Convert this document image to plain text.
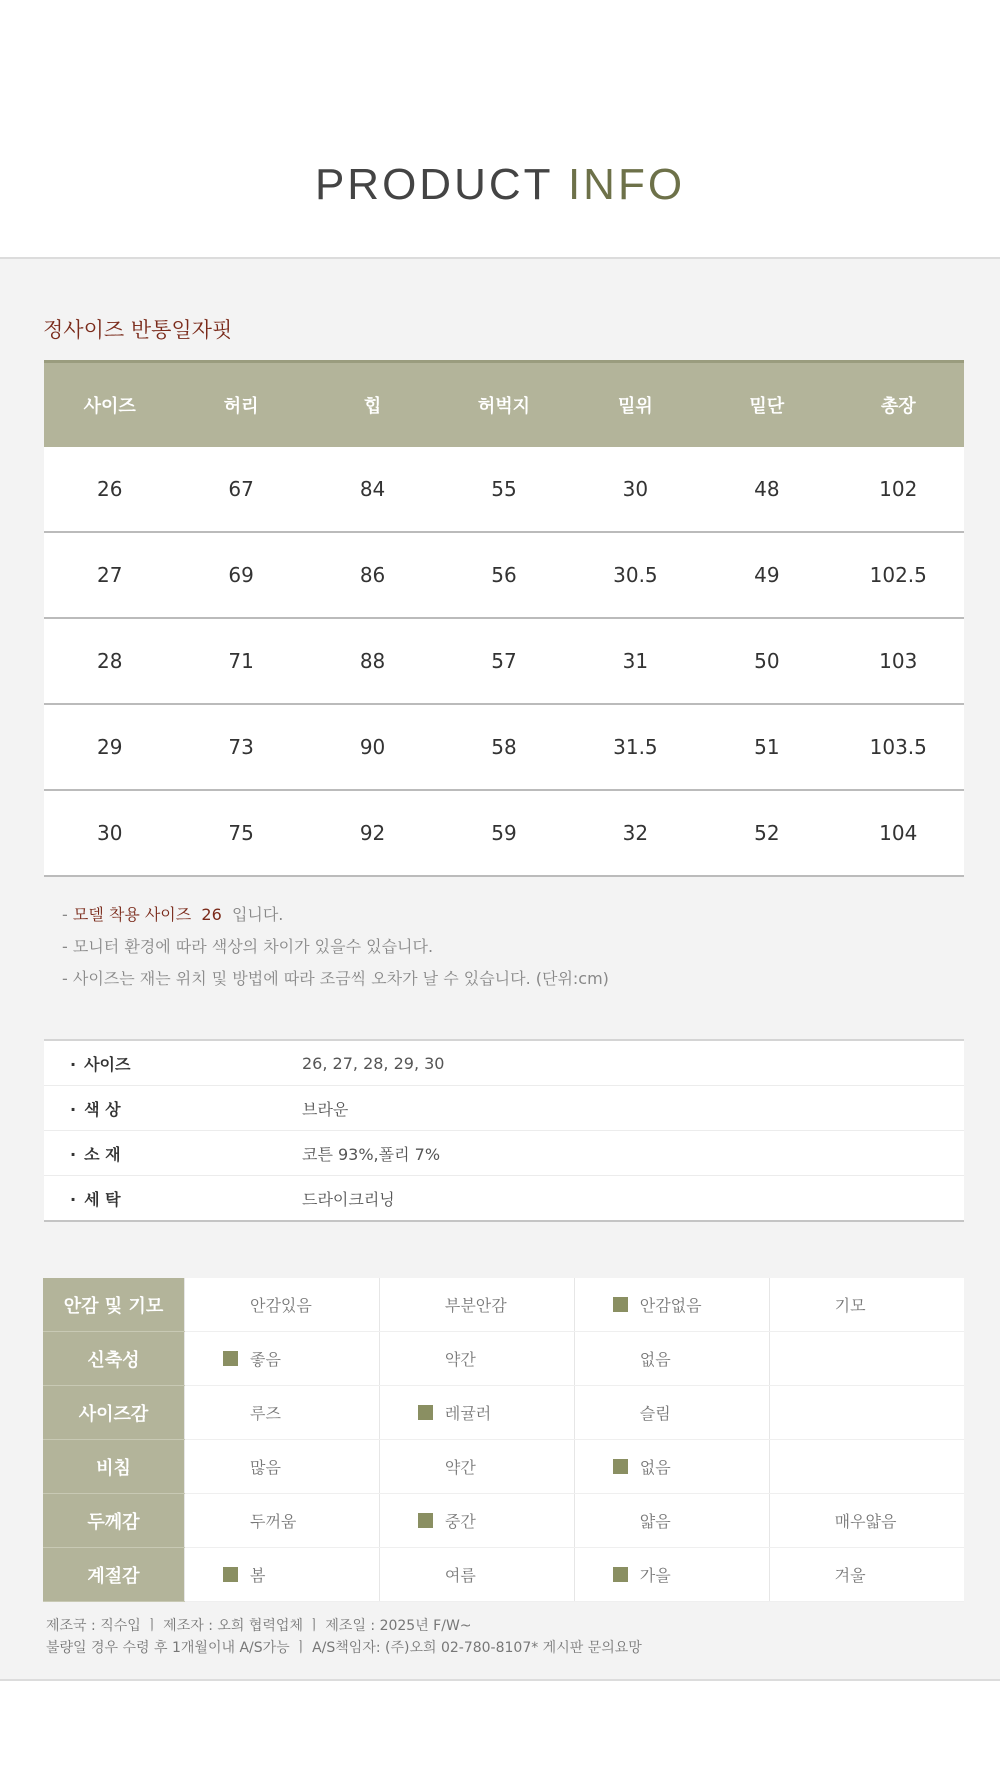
PRODUCT INFO
정사이즈 반통일자핏
사이즈	허리	힙	허벅지	밑위	밑단	총장
26	67	84	55	30	48	102
27	69	86	56	30.5	49	102.5
28	71	88	57	31	50	103
29	73	90	58	31.5	51	103.5
30	75	92	59	32	52	104
- 모델 착용 사이즈 26 입니다.
- 모니터 환경에 따라 색상의 차이가 있을수 있습니다.
- 사이즈는 재는 위치 및 방법에 따라 조금씩 오차가 날 수 있습니다. (단위:cm)
· 사이즈	26, 27, 28, 29, 30
· 색 상	브라운
· 소 재	코튼 93%,폴리 7%
· 세 탁	드라이크리닝
안감 및 기모	안감있음	부분안감	안감없음	기모

신축성	좋음	약간	없음	

사이즈감	루즈	레귤러	슬림	

비침	많음	약간	없음	

두께감	두꺼움	중간	얇음	매우얇음

계절감	봄	여름	가을	겨울
제조국 : 직수입 ㅣ 제조자 : 오희 협력업체 ㅣ 제조일 : 2025년 F/W~
불량일 경우 수령 후 1개월이내 A/S가능 ㅣ A/S책임자: (주)오희 02-780-8107* 게시판 문의요망
